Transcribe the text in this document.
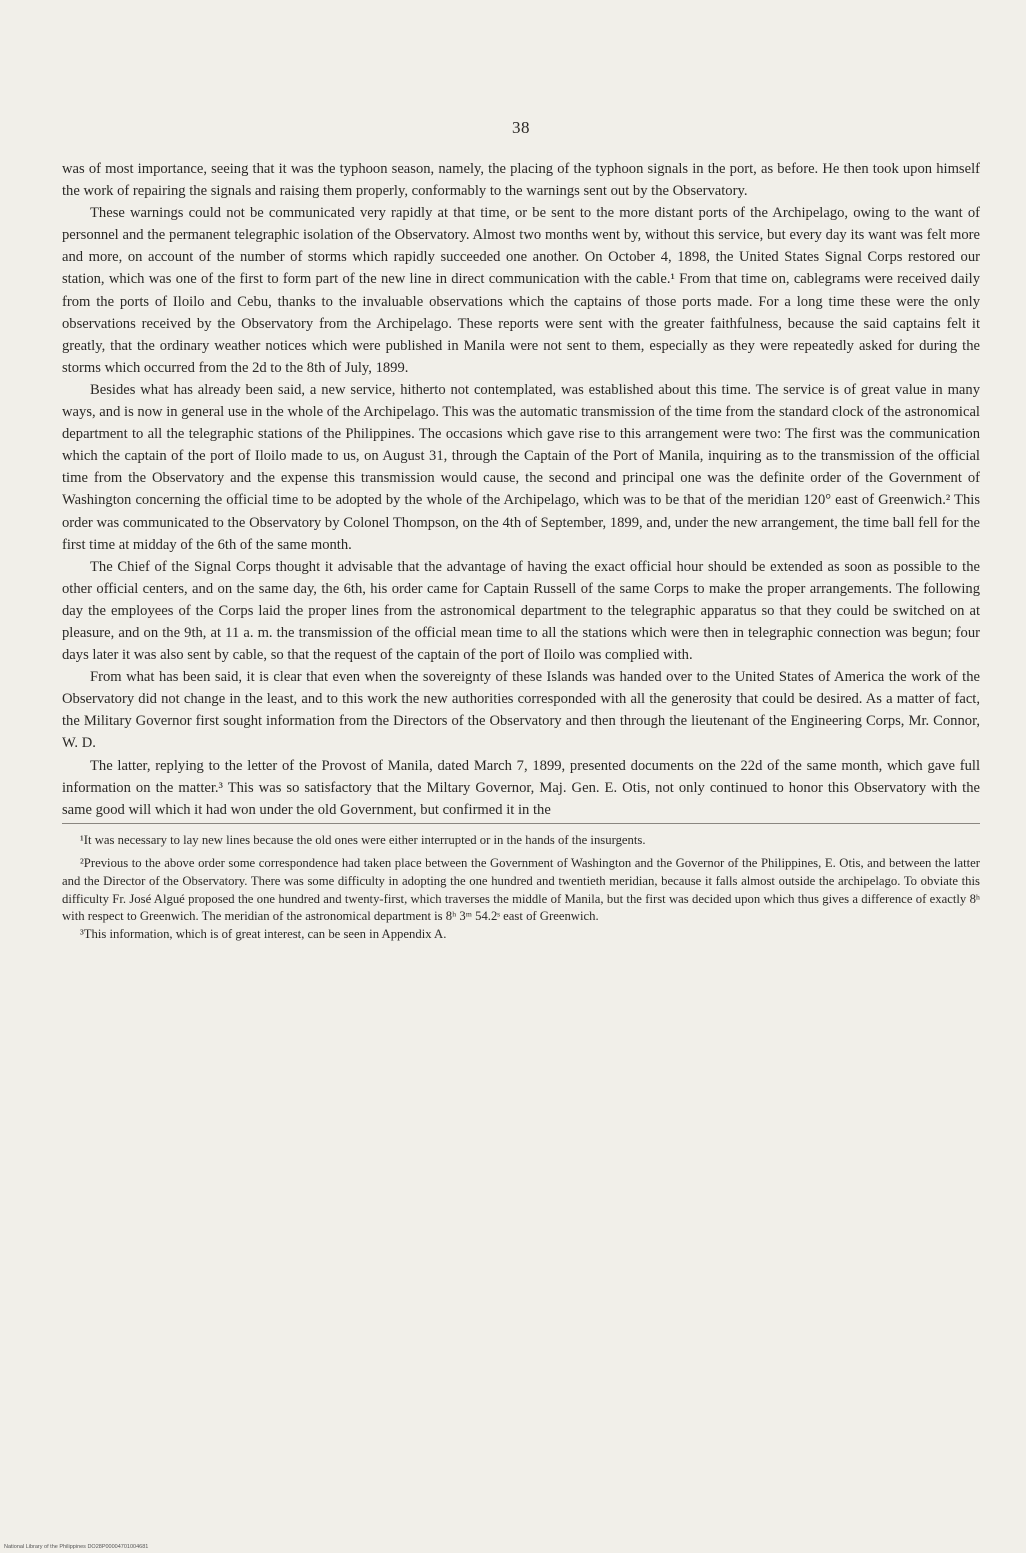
38

was of most importance, seeing that it was the typhoon season, namely, the placing of the typhoon signals in the port, as before. He then took upon himself the work of repairing the signals and raising them properly, conformably to the warnings sent out by the Observatory.

These warnings could not be communicated very rapidly at that time, or be sent to the more distant ports of the Archipelago, owing to the want of personnel and the permanent telegraphic isolation of the Observatory. Almost two months went by, without this service, but every day its want was felt more and more, on account of the number of storms which rapidly succeeded one another. On October 4, 1898, the United States Signal Corps restored our station, which was one of the first to form part of the new line in direct communication with the cable.¹ From that time on, cablegrams were received daily from the ports of Iloilo and Cebu, thanks to the invaluable observations which the captains of those ports made. For a long time these were the only observations received by the Observatory from the Archipelago. These reports were sent with the greater faithfulness, because the said captains felt it greatly, that the ordinary weather notices which were published in Manila were not sent to them, especially as they were repeatedly asked for during the storms which occurred from the 2d to the 8th of July, 1899.

Besides what has already been said, a new service, hitherto not contemplated, was established about this time. The service is of great value in many ways, and is now in general use in the whole of the Archipelago. This was the automatic transmission of the time from the standard clock of the astronomical department to all the telegraphic stations of the Philippines. The occasions which gave rise to this arrangement were two: The first was the communication which the captain of the port of Iloilo made to us, on August 31, through the Captain of the Port of Manila, inquiring as to the transmission of the official time from the Observatory and the expense this transmission would cause, the second and principal one was the definite order of the Government of Washington concerning the official time to be adopted by the whole of the Archipelago, which was to be that of the meridian 120° east of Greenwich.² This order was communicated to the Observatory by Colonel Thompson, on the 4th of September, 1899, and, under the new arrangement, the time ball fell for the first time at midday of the 6th of the same month.

The Chief of the Signal Corps thought it advisable that the advantage of having the exact official hour should be extended as soon as possible to the other official centers, and on the same day, the 6th, his order came for Captain Russell of the same Corps to make the proper arrangements. The following day the employees of the Corps laid the proper lines from the astronomical department to the telegraphic apparatus so that they could be switched on at pleasure, and on the 9th, at 11 a. m. the transmission of the official mean time to all the stations which were then in telegraphic connection was begun; four days later it was also sent by cable, so that the request of the captain of the port of Iloilo was complied with.

From what has been said, it is clear that even when the sovereignty of these Islands was handed over to the United States of America the work of the Observatory did not change in the least, and to this work the new authorities corresponded with all the generosity that could be desired. As a matter of fact, the Military Governor first sought information from the Directors of the Observatory and then through the lieutenant of the Engineering Corps, Mr. Connor, W. D.

The latter, replying to the letter of the Provost of Manila, dated March 7, 1899, presented documents on the 22d of the same month, which gave full information on the matter.³ This was so satisfactory that the Miltary Governor, Maj. Gen. E. Otis, not only continued to honor this Observatory with the same good will which it had won under the old Government, but confirmed it in the

¹It was necessary to lay new lines because the old ones were either interrupted or in the hands of the insurgents.

²Previous to the above order some correspondence had taken place between the Government of Washington and the Governor of the Philippines, E. Otis, and between the latter and the Director of the Observatory. There was some difficulty in adopting the one hundred and twentieth meridian, because it falls almost outside the archipelago. To obviate this difficulty Fr. José Algué proposed the one hundred and twenty-first, which traverses the middle of Manila, but the first was decided upon which thus gives a difference of exactly 8ʰ with respect to Greenwich. The meridian of the astronomical department is 8ʰ 3ᵐ 54.2ˢ east of Greenwich.

³This information, which is of great interest, can be seen in Appendix A.

National Library of the Philippines DO28P00004701004681
